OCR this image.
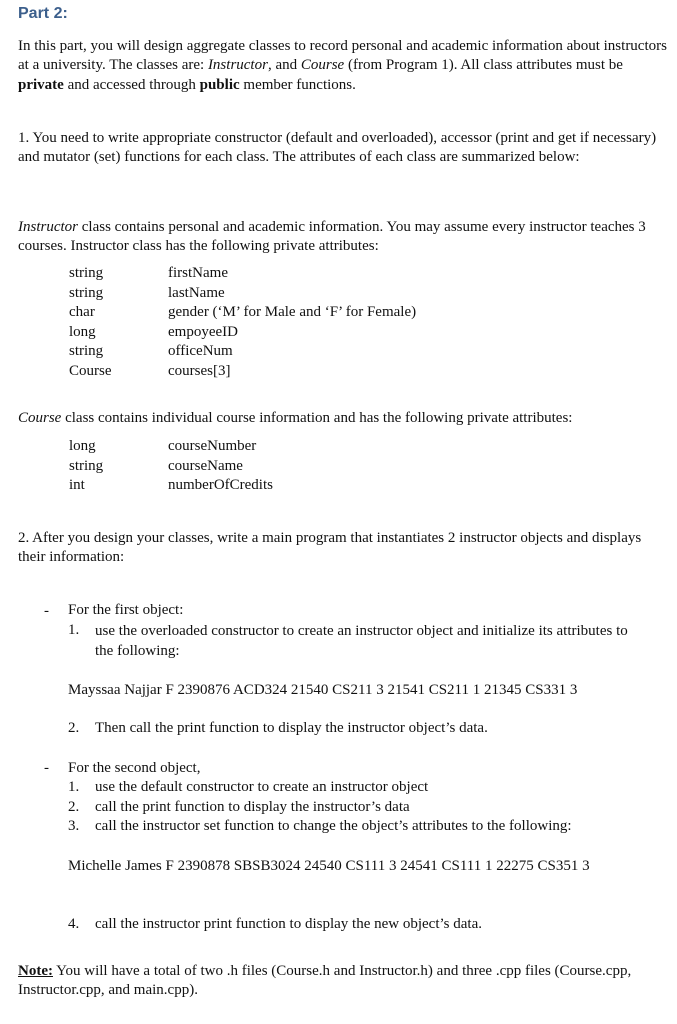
Part 2:

In this part, you will design aggregate classes to record personal and academic information about instructors at a university. The classes are: Instructor, and Course (from Program 1). All class attributes must be private and accessed through public member functions.

1. You need to write appropriate constructor (default and overloaded), accessor (print and get if necessary) and mutator (set) functions for each class. The attributes of each class are summarized below:

Instructor class contains personal and academic information. You may assume every instructor teaches 3 courses. Instructor class has the following private attributes:

string	firstName
string	lastName
char	gender (‘M’ for Male and ‘F’ for Female)
long	empoyeeID
string	officeNum
Course	courses[3]

Course class contains individual course information and has the following private attributes:

long	courseNumber
string	courseName
int	numberOfCredits

2. After you design your classes, write a main program that instantiates 2 instructor objects and displays their information:

- For the first object:
1. use the overloaded constructor to create an instructor object and initialize its attributes to the following:
Mayssaa Najjar F 2390876 ACD324 21540 CS211 3 21541 CS211 1 21345 CS331 3
2. Then call the print function to display the instructor object’s data.
- For the second object,
1. use the default constructor to create an instructor object
2. call the print function to display the instructor’s data
3. call the instructor set function to change the object’s attributes to the following:
Michelle James F 2390878 SBSB3024 24540 CS111 3 24541 CS111 1 22275 CS351 3
4. call the instructor print function to display the new object’s data.

Note: You will have a total of two .h files (Course.h and Instructor.h) and three .cpp files (Course.cpp, Instructor.cpp, and main.cpp).
